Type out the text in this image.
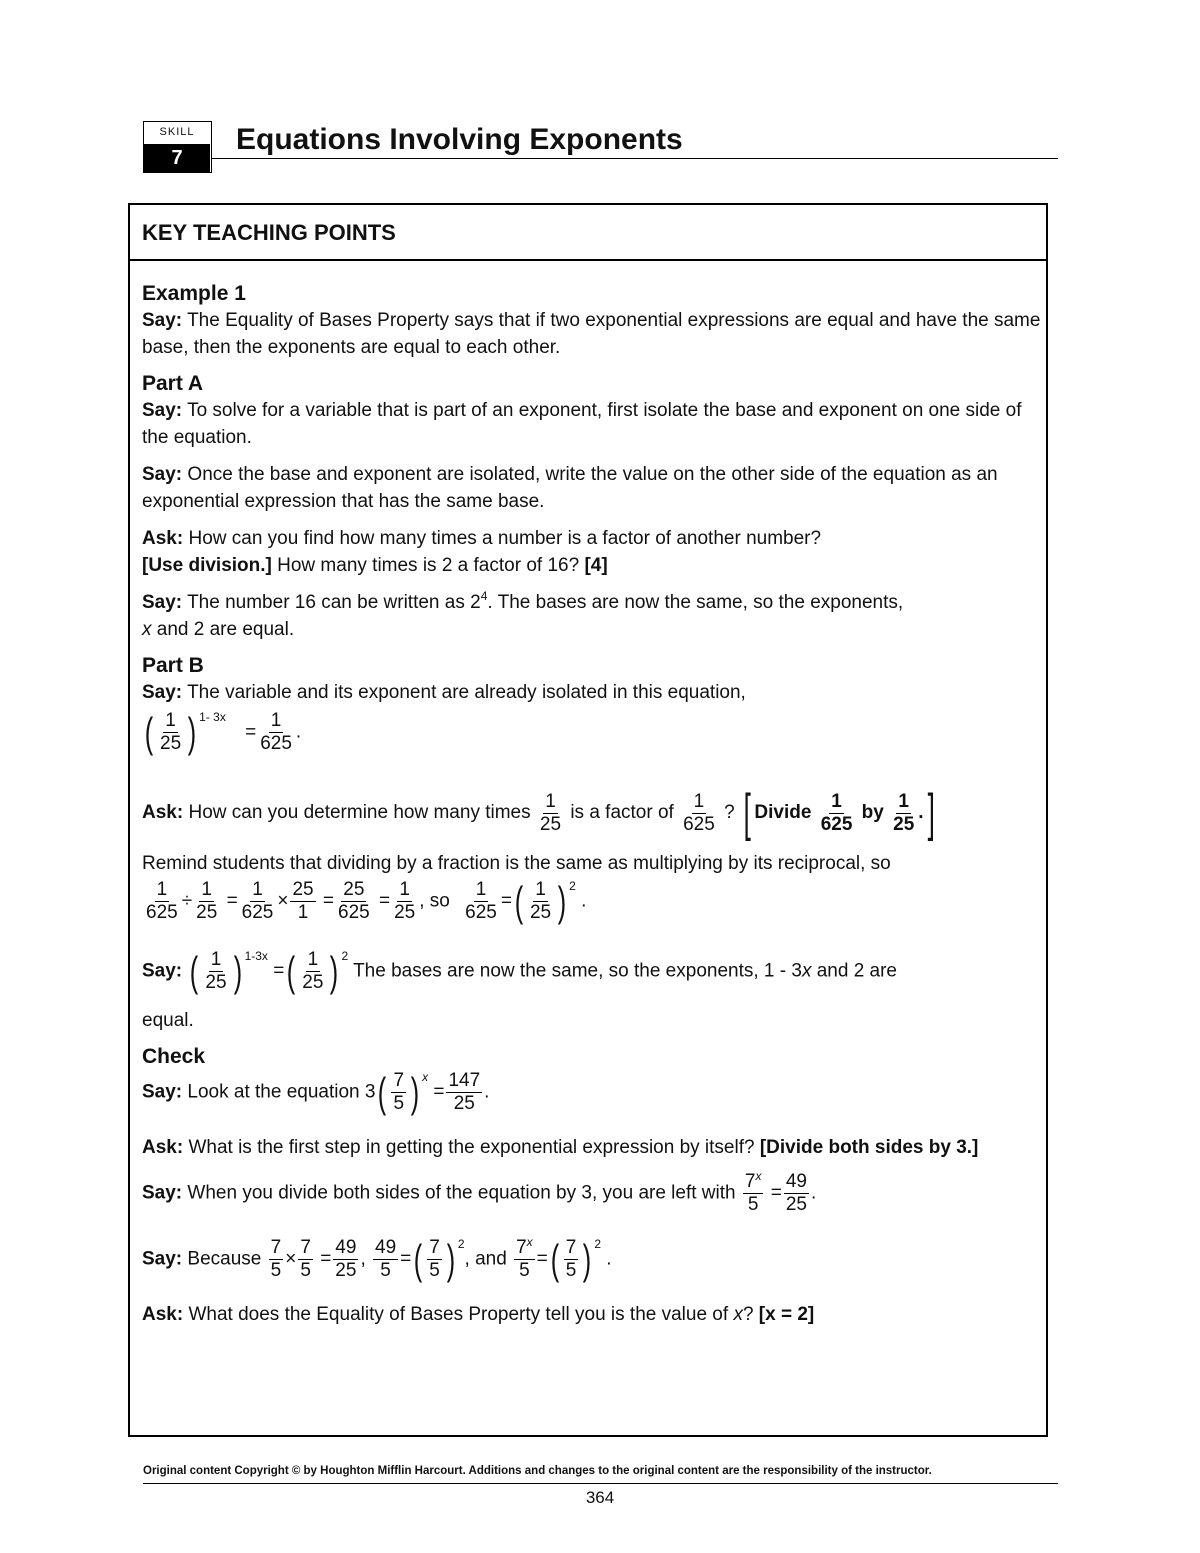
SKILL
7
Equations Involving Exponents
KEY TEACHING POINTS
Example 1

Say: The Equality of Bases Property says that if two exponential expressions are equal and have the same base, then the exponents are equal to each other.

Part A

Say: To solve for a variable that is part of an exponent, first isolate the base and exponent on one side of the equation.

Say: Once the base and exponent are isolated, write the value on the other side of the equation as an exponential expression that has the same base.

Ask: How can you find how many times a number is a factor of another number?
[Use division.] How many times is 2 a factor of 16? [4]

Say: The number 16 can be written as $2^4$. The bases are now the same, so the exponents,
x and 2 are equal.

Part B

Say: The variable and its exponent are already isolated in this equation,

( $\frac{1}{25}$ ) $^{1- 3x} = \frac{1}{625}$ .

Ask: How can you determine how many times $\frac{1}{25}$ is a factor of $\frac{1}{625}$ ? [ Divide $\frac{1}{625}$ by $\frac{1}{25}$ .]

Remind students that dividing by a fraction is the same as multiplying by its reciprocal, so

$\frac{1}{625} \div \frac{1}{25} = \frac{1}{625} \times \frac{25}{1} = \frac{25}{625} = \frac{1}{25}$ , so $\frac{1}{625}$ =( $\frac{1}{25}$ ) $^2$ .
Say: ( $\frac{1}{25}$ ) $^{1-3x}$ =( $\frac{1}{25}$ ) $^2$ The bases are now the same, so the exponents, 1 - 3x and 2 are

equal.

Check
Say: Look at the equation $3( \frac{7}{5}$ ) $^x = \frac{147}{25}$ .

Ask: What is the first step in getting the exponential expression by itself? [Divide both sides by 3.]

Say: When you divide both sides of the equation by 3, you are left with $\frac{7^x}{5} = \frac{49}{25}$ .
Say: Because $\frac{7}{5} \times \frac{7}{5} = \frac{49}{25}$ , $\frac{49}{5}$ =( $\frac{7}{5}$ ) $^2$, and $\frac{7^x}{5}$ =( $\frac{7}{5}$ ) $^2$ .

Ask: What does the Equality of Bases Property tell you is the value of x? [x = 2]

Original content Copyright © by Houghton Mifflin Harcourt. Additions and changes to the original content are the responsibility of the instructor.
364
